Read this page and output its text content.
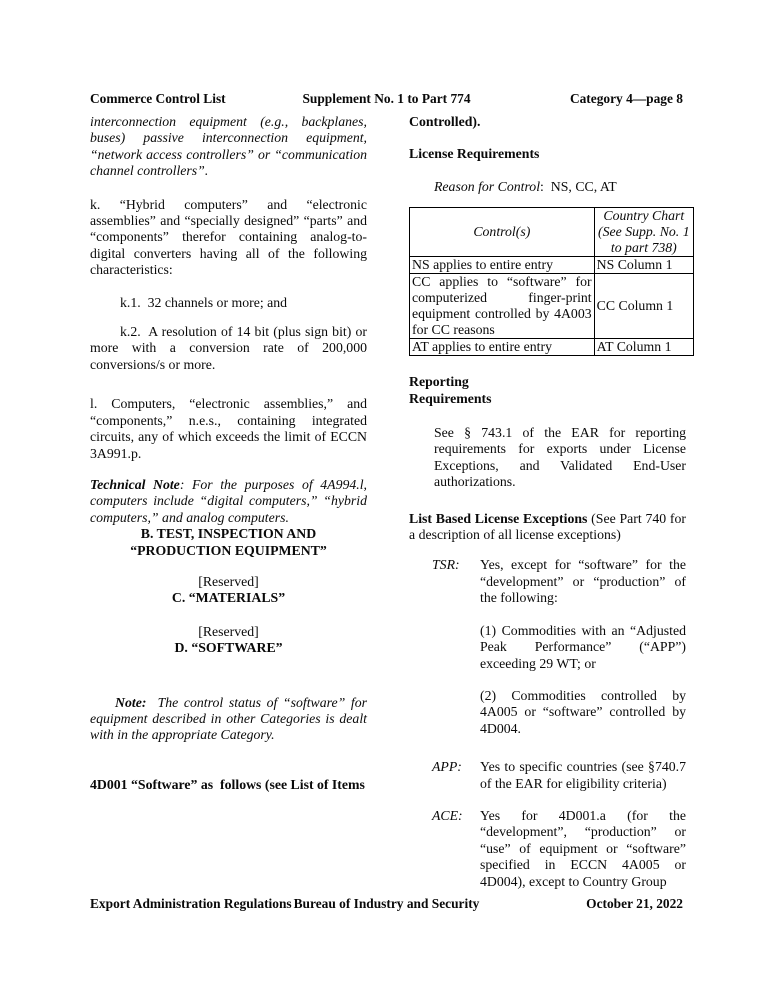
Commerce Control List	Supplement No. 1 to Part 774	Category 4—page 8

interconnection equipment (e.g., backplanes, buses) passive interconnection equipment, “network access controllers” or “communication channel controllers”.

k. “Hybrid computers” and “electronic assemblies” and “specially designed” “parts” and “components” therefor containing analog-to-digital converters having all of the following characteristics:

k.1.  32 channels or more; and

k.2.  A resolution of 14 bit (plus sign bit) or more with a conversion rate of 200,000 conversions/s or more.

l. Computers, “electronic assemblies,” and “components,” n.e.s., containing integrated circuits, any of which exceeds the limit of ECCN 3A991.p.

Technical Note: For the purposes of 4A994.l, computers include “digital computers,” “hybrid computers,” and analog computers.

B. TEST, INSPECTION AND “PRODUCTION EQUIPMENT”

[Reserved]

C. “MATERIALS”

[Reserved]

D. “SOFTWARE”

Note:  The control status of “software” for equipment described in other Categories is dealt with in the appropriate Category.

4D001 “Software” as  follows (see List of Items

Controlled).

License Requirements

Reason for Control:  NS, CC, AT

Control(s)	Country Chart (See Supp. No. 1 to part 738)
NS applies to entire entry	NS Column 1
CC applies to “software” for computerized finger-print equipment controlled by 4A003 for CC reasons	CC Column 1
AT applies to entire entry	AT Column 1

Reporting Requirements

See § 743.1 of the EAR for reporting requirements for exports under License Exceptions, and Validated End-User authorizations.

List Based License Exceptions (See Part 740 for a description of all license exceptions)

TSR:	Yes, except for “software” for the “development” or “production” of the following:

(1) Commodities with an “Adjusted Peak Performance” (“APP”) exceeding 29 WT; or

(2) Commodities controlled by 4A005 or “software” controlled by 4D004.

APP:	Yes to specific countries (see §740.7 of the EAR for eligibility criteria)

ACE:	Yes for 4D001.a (for the “development”, “production” or “use” of equipment or “software” specified in ECCN 4A005 or 4D004), except to Country Group

Export Administration Regulations Bureau of Industry and Security	October 21, 2022
